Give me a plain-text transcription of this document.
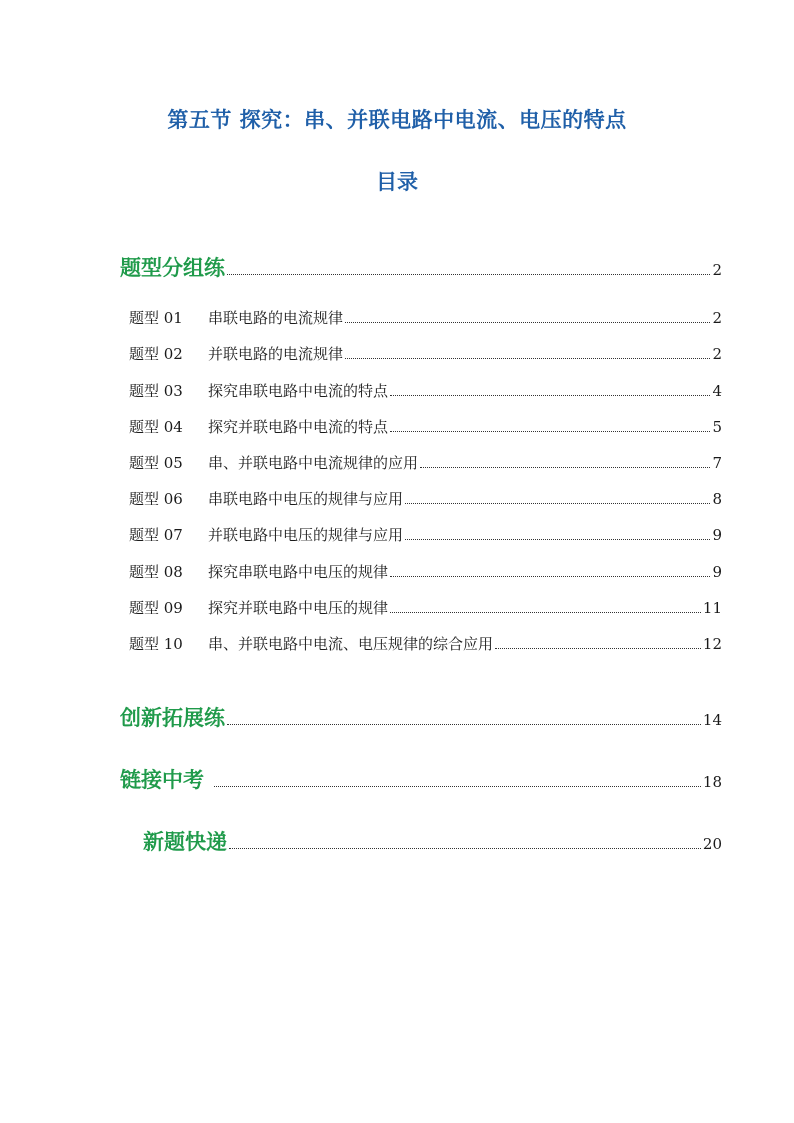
第五节 探究：串、并联电路中电流、电压的特点
目录
题型分组练	2
题型 01	串联电路的电流规律	2
题型 02	并联电路的电流规律	2
题型 03	探究串联电路中电流的特点	4
题型 04	探究并联电路中电流的特点	5
题型 05	串、并联电路中电流规律的应用	7
题型 06	串联电路中电压的规律与应用	8
题型 07	并联电路中电压的规律与应用	9
题型 08	探究串联电路中电压的规律	9
题型 09	探究并联电路中电压的规律	11
题型 10	串、并联电路中电流、电压规律的综合应用	12
创新拓展练	14
链接中考	18
新题快递	20
